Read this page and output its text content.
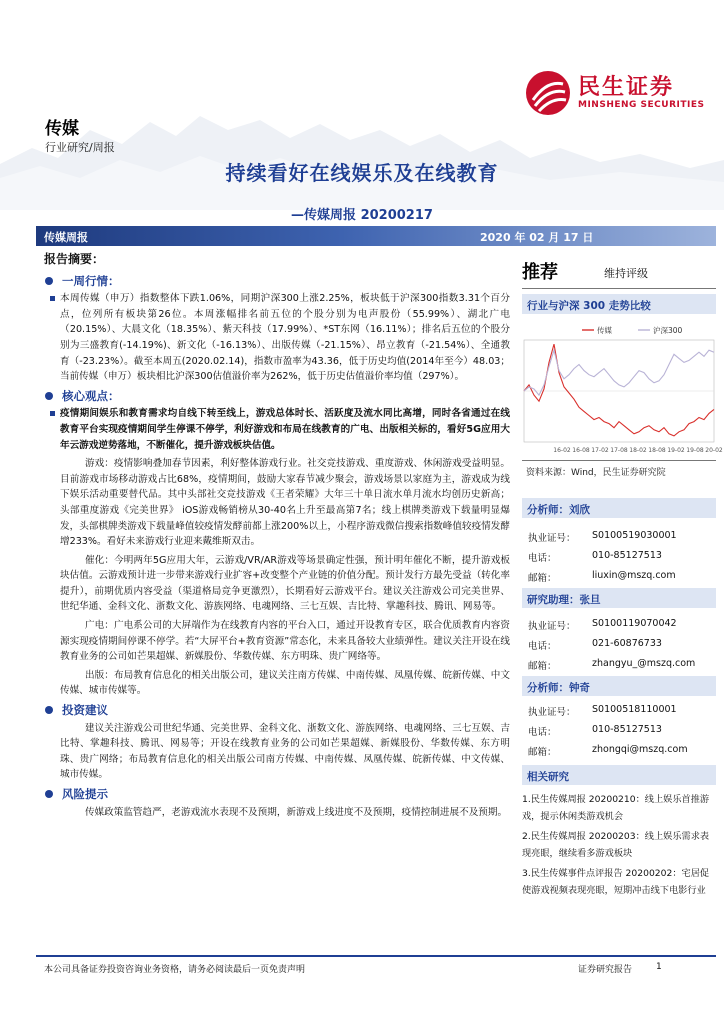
民生证券
MINSHENG SECURITIES
传媒
行业研究/周报
持续看好在线娱乐及在线教育
—传媒周报 20200217
传媒周报	2020 年 02 月 17 日
报告摘要：
一周行情：
本周传媒（申万）指数整体下跌1.06%，同期沪深300上涨2.25%，板块低于沪深300指数3.31个百分点，位列所有板块第26位。本周涨幅排名前五位的个股分别为电声股份（55.99%）、湖北广电（20.15%）、大晨文化（18.35%）、紫天科技（17.99%）、*ST东网（16.11%）；排名后五位的个股分别为三盛教育(-14.19%)、新文化（-16.13%）、出版传媒（-21.15%）、昂立教育（-21.54%）、全通教育（-23.23%）。截至本周五(2020.02.14)，指数市盈率为43.36，低于历史均值(2014年至今）48.03；当前传媒（申万）板块相比沪深300估值溢价率为262%，低于历史估值溢价率均值（297%）。
核心观点：
疫情期间娱乐和教育需求均自线下转至线上，游戏总体时长、活跃度及流水同比高增，同时各省通过在线教育平台实现疫情期间学生停课不停学，利好游戏和布局在线教育的广电、出版相关标的，看好5G应用大年云游戏逆势落地，不断催化，提升游戏板块估值。
游戏：疫情影响叠加春节因素，利好整体游戏行业。社交竞技游戏、重度游戏、休闲游戏受益明显。目前游戏市场移动游戏占比68%，疫情期间，鼓励大家春节减少聚会，游戏场景以家庭为主，游戏成为线下娱乐活动重要替代品。其中头部社交竞技游戏《王者荣耀》大年三十单日流水单月流水均创历史新高；头部重度游戏《完美世界》 iOS游戏畅销榜从30-40名上升至最高第7名；线上棋牌类游戏下载量明显爆发，头部棋牌类游戏下载量峰值较疫情发酵前都上涨200%以上，小程序游戏微信搜索指数峰值较疫情发酵增233%。看好未来游戏行业迎来戴维斯双击。
催化：今明两年5G应用大年，云游戏/VR/AR游戏等场景确定性强，预计明年催化不断，提升游戏板块估值。云游戏预计进一步带来游戏行业扩容+改变整个产业链的价值分配。预计发行方最先受益（转化率提升），前期优质内容受益（渠道格局竞争更激烈），长期看好云游戏平台。建议关注游戏公司完美世界、世纪华通、金科文化、浙数文化、游族网络、电魂网络、三七互娱、吉比特、掌趣科技、腾讯、网易等。
广电：广电系公司的大屏端作为在线教育内容的平台入口，通过开设教育专区，联合优质教育内容资源实现疫情期间停课不停学。若“大屏平台+教育资源”常态化，未来具备较大业绩弹性。建议关注开设在线教育业务的公司如芒果超媒、新媒股份、华数传媒、东方明珠、贵广网络等。
出版：布局教育信息化的相关出版公司，建议关注南方传媒、中南传媒、凤凰传媒、皖新传媒、中文传媒、城市传媒等。
投资建议
建议关注游戏公司世纪华通、完美世界、金科文化、浙数文化、游族网络、电魂网络、三七互娱、吉比特、掌趣科技、腾讯、网易等；开设在线教育业务的公司如芒果超媒、新媒股份、华数传媒、东方明珠、贵广网络；布局教育信息化的相关出版公司南方传媒、中南传媒、凤凰传媒、皖新传媒、中文传媒、城市传媒。
风险提示
传媒政策监管趋严，老游戏流水表现不及预期，新游戏上线进度不及预期，疫情控制进展不及预期。
推荐	维持评级
行业与沪深 300 走势比较
16-02 16-08 17-02 17-08 18-02 18-08 19-02 19-08 20-02
传媒	沪深300
资料来源：Wind，民生证券研究院
分析师：刘欣
执业证号： S0100519030001
电话：	010-85127513
邮箱：	liuxin@mszq.com
研究助理：张旦
执业证号： S0100119070042
电话：	021-60876733
邮箱：	zhangyu_@mszq.com
分析师：钟奇
执业证号： S0100518110001
电话：	010-85127513
邮箱：	zhongqi@mszq.com
相关研究

1.民生传媒周报 20200210：线上娱乐首推游戏，提示休闲类游戏机会

2.民生传媒周报 20200203：线上娱乐需求表现亮眼，继续看多游戏板块

3.民生传媒事件点评报告 20200202：宅居促使游戏视频表现亮眼，短期冲击线下电影行业

本公司具备证券投资咨询业务资格，请务必阅读最后一页免责声明	证券研究报告	1
